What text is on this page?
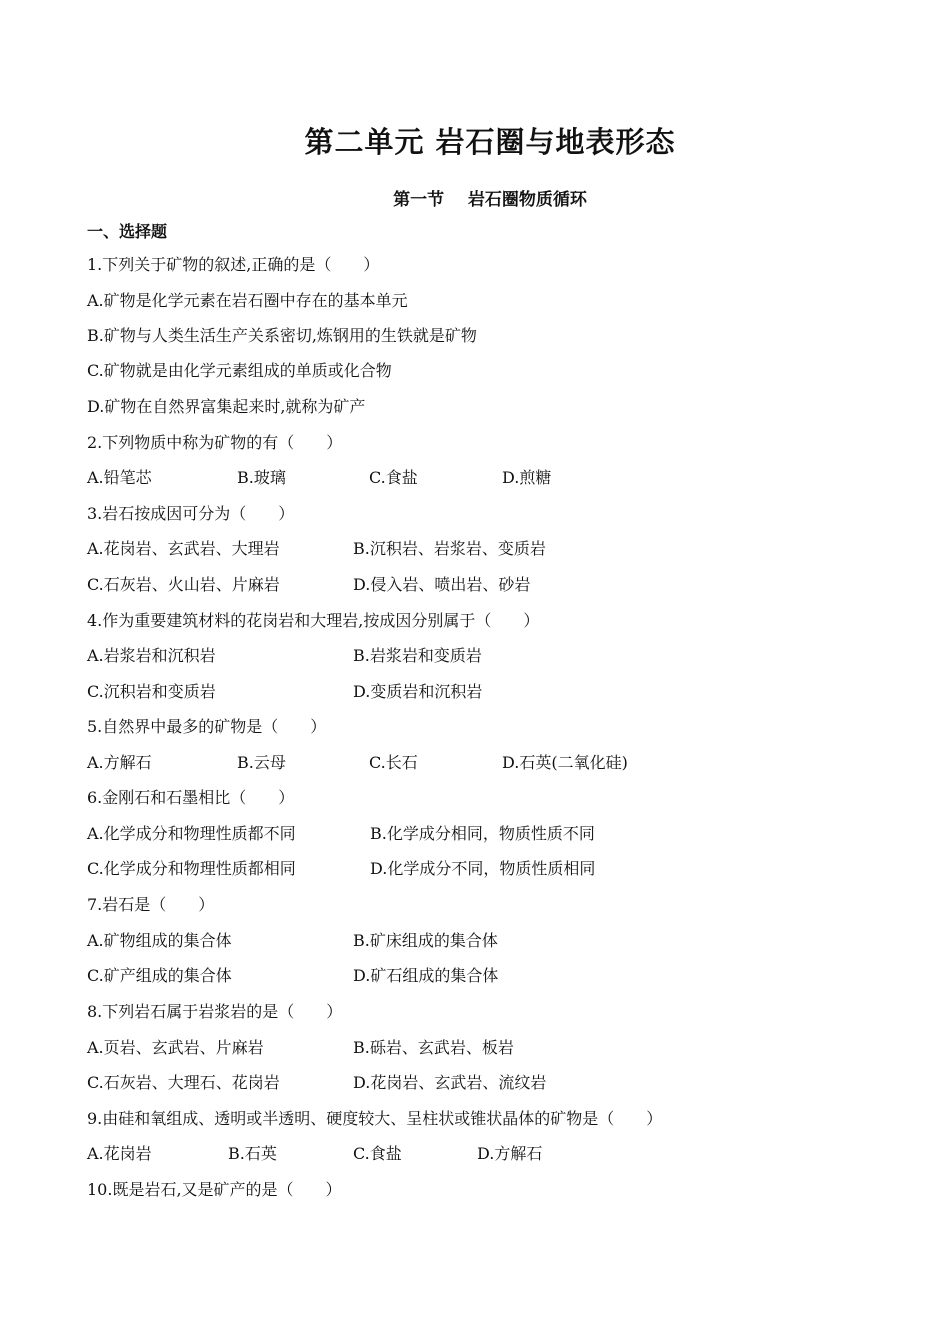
第二单元 岩石圈与地表形态
第一节    岩石圈物质循环
一、选择题
1.下列关于矿物的叙述,正确的是（　　）
A.矿物是化学元素在岩石圈中存在的基本单元
B.矿物与人类生活生产关系密切,炼钢用的生铁就是矿物
C.矿物就是由化学元素组成的单质或化合物
D.矿物在自然界富集起来时,就称为矿产
2.下列物质中称为矿物的有（　　）
A.铅笔芯	B.玻璃	C.食盐	D.煎糖
3.岩石按成因可分为（　　）
A.花岗岩、玄武岩、大理岩	B.沉积岩、岩浆岩、变质岩
C.石灰岩、火山岩、片麻岩	D.侵入岩、喷出岩、砂岩
4.作为重要建筑材料的花岗岩和大理岩,按成因分别属于（　　）
A.岩浆岩和沉积岩	B.岩浆岩和变质岩
C.沉积岩和变质岩	D.变质岩和沉积岩
5.自然界中最多的矿物是（　　）
A.方解石	B.云母	C.长石	D.石英(二氧化硅)
6.金刚石和石墨相比（　　）
A.化学成分和物理性质都不同	B.化学成分相同，物质性质不同
C.化学成分和物理性质都相同	D.化学成分不同，物质性质相同
7.岩石是（　　）
A.矿物组成的集合体	B.矿床组成的集合体
C.矿产组成的集合体	D.矿石组成的集合体
8.下列岩石属于岩浆岩的是（　　）
A.页岩、玄武岩、片麻岩	B.砾岩、玄武岩、板岩
C.石灰岩、大理石、花岗岩	D.花岗岩、玄武岩、流纹岩
9.由硅和氧组成、透明或半透明、硬度较大、呈柱状或锥状晶体的矿物是（　　）
A.花岗岩	B.石英	C.食盐	D.方解石
10.既是岩石,又是矿产的是（　　）
